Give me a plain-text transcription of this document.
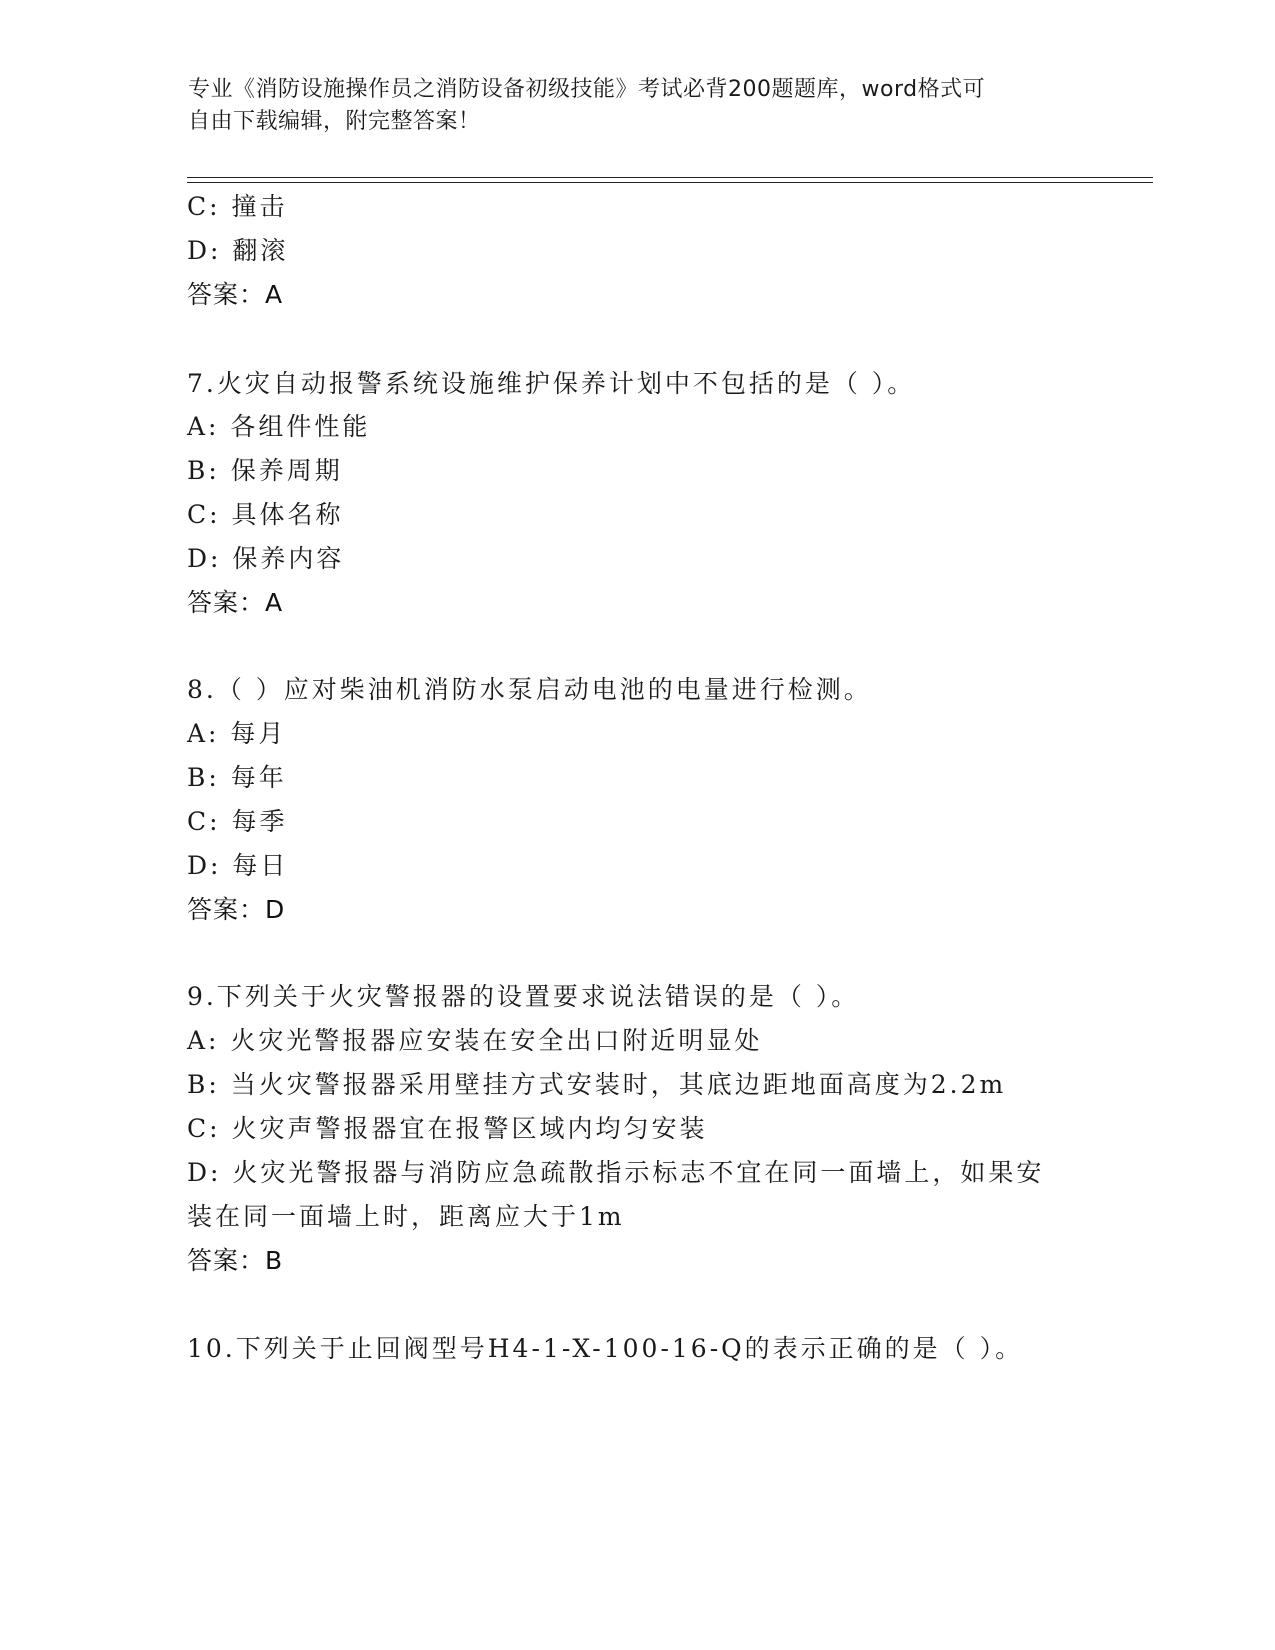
专业《消防设施操作员之消防设备初级技能》考试必背200题题库，word格式可
自由下载编辑，附完整答案！
C: 撞击
D: 翻滚
答案：A
7.火灾自动报警系统设施维护保养计划中不包括的是（ ）。
A: 各组件性能
B: 保养周期
C: 具体名称
D: 保养内容
答案：A
8.（ ）应对柴油机消防水泵启动电池的电量进行检测。
A: 每月
B: 每年
C: 每季
D: 每日
答案：D
9.下列关于火灾警报器的设置要求说法错误的是（ ）。
A: 火灾光警报器应安装在安全出口附近明显处
B: 当火灾警报器采用壁挂方式安装时，其底边距地面高度为2.2m
C: 火灾声警报器宜在报警区域内均匀安装
D: 火灾光警报器与消防应急疏散指示标志不宜在同一面墙上，如果安
装在同一面墙上时，距离应大于1m
答案：B
10.下列关于止回阀型号H4-1-X-100-16-Q的表示正确的是（ ）。
